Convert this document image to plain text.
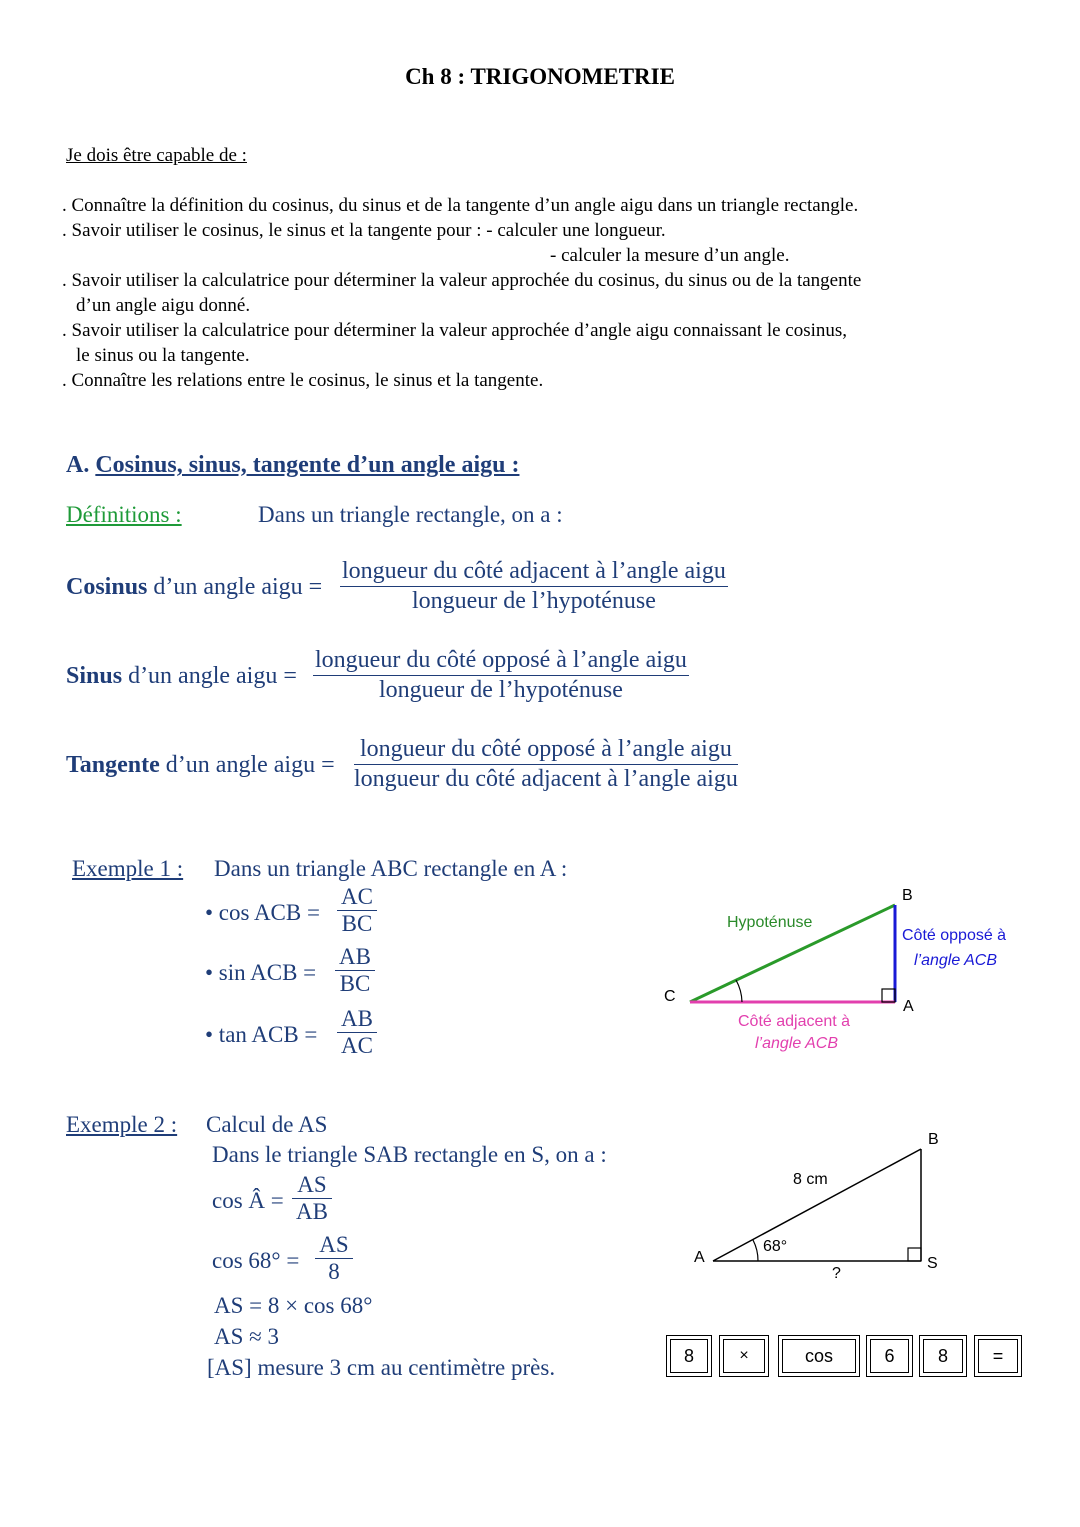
Ch 8 : TRIGONOMETRIE
Je dois être capable de :
. Connaître la définition du cosinus, du sinus et de la tangente d’un angle aigu dans un triangle rectangle.
. Savoir utiliser le cosinus, le sinus et la tangente pour : - calculer une longueur.
- calculer la mesure d’un angle.
. Savoir utiliser la calculatrice pour déterminer la valeur approchée du cosinus, du sinus ou de la tangente
d’un angle aigu donné.
. Savoir utiliser la calculatrice pour déterminer la valeur approchée d’angle aigu connaissant le cosinus,
le sinus ou la tangente.
. Connaître les relations entre le cosinus, le sinus et la tangente.
A. Cosinus, sinus, tangente d’un angle aigu :
Définitions :	Dans un triangle rectangle, on a :
Cosinus d’un angle aigu =
longueur du côté adjacent à l’angle aigu
longueur de l’hypoténuse
Sinus d’un angle aigu =
longueur du côté opposé à l’angle aigu
longueur de l’hypoténuse
Tangente d’un angle aigu =
longueur du côté opposé à l’angle aigu
longueur du côté adjacent à l’angle aigu
Exemple 1 : Dans un triangle ABC rectangle en A :
• cos ACB =
AC
BC
• sin ACB =
AB
BC
• tan ACB =
AB
AC
B
C
A
Hypoténuse
Côté opposé à
l’angle ACB
Côté adjacent à
l’angle ACB
Exemple 2 : Calcul de AS
Dans le triangle SAB rectangle en S, on a :
cos Â =
AS
AB
cos 68° =
AS
8
AS = 8 × cos 68°
AS ≈ 3
[AS] mesure 3 cm au centimètre près.
B
A	S
8 cm
68°
?
8	×	cos	6	8	=
